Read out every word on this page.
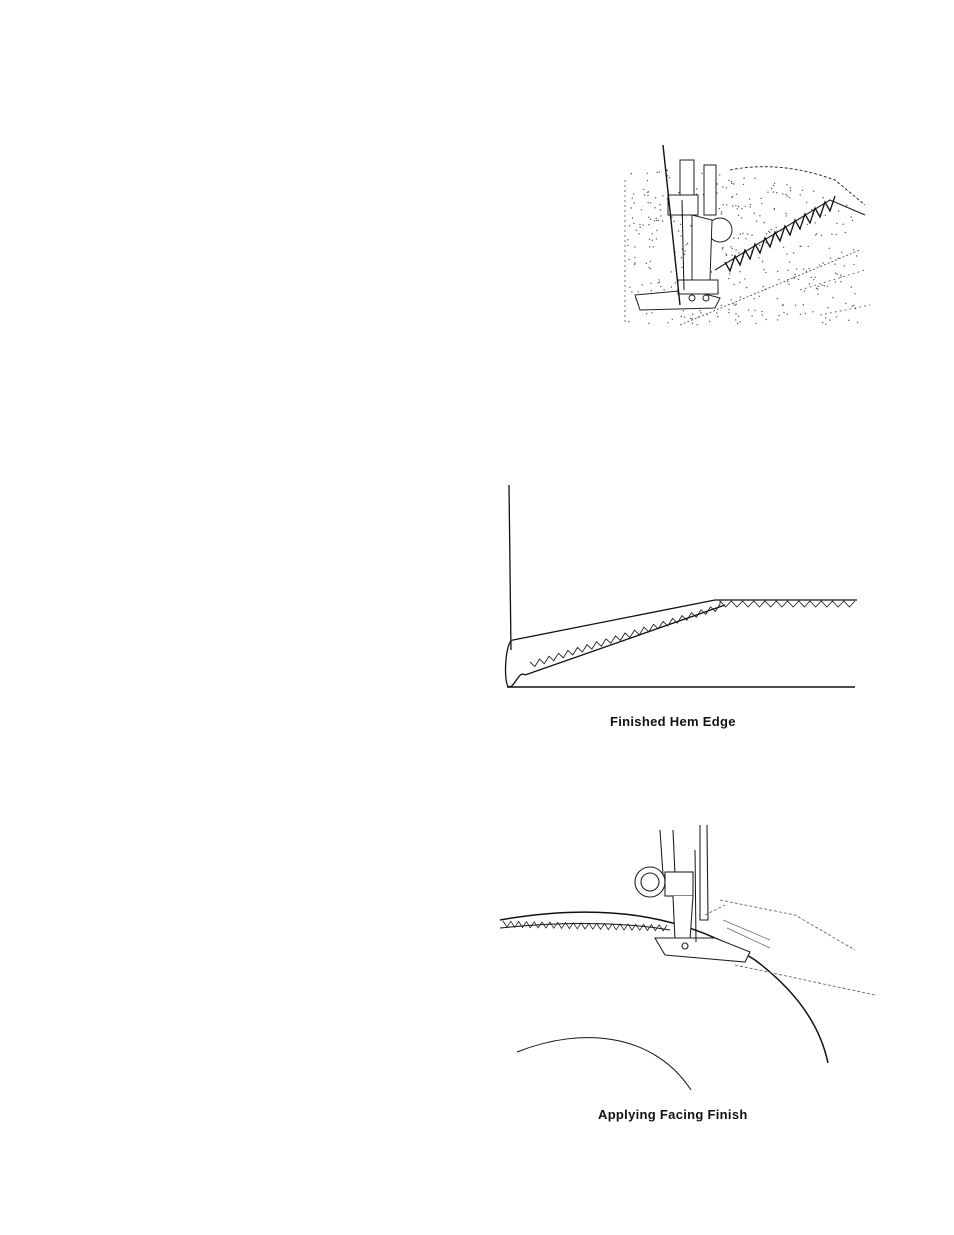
Finished Hem Edge
Applying Facing Finish
